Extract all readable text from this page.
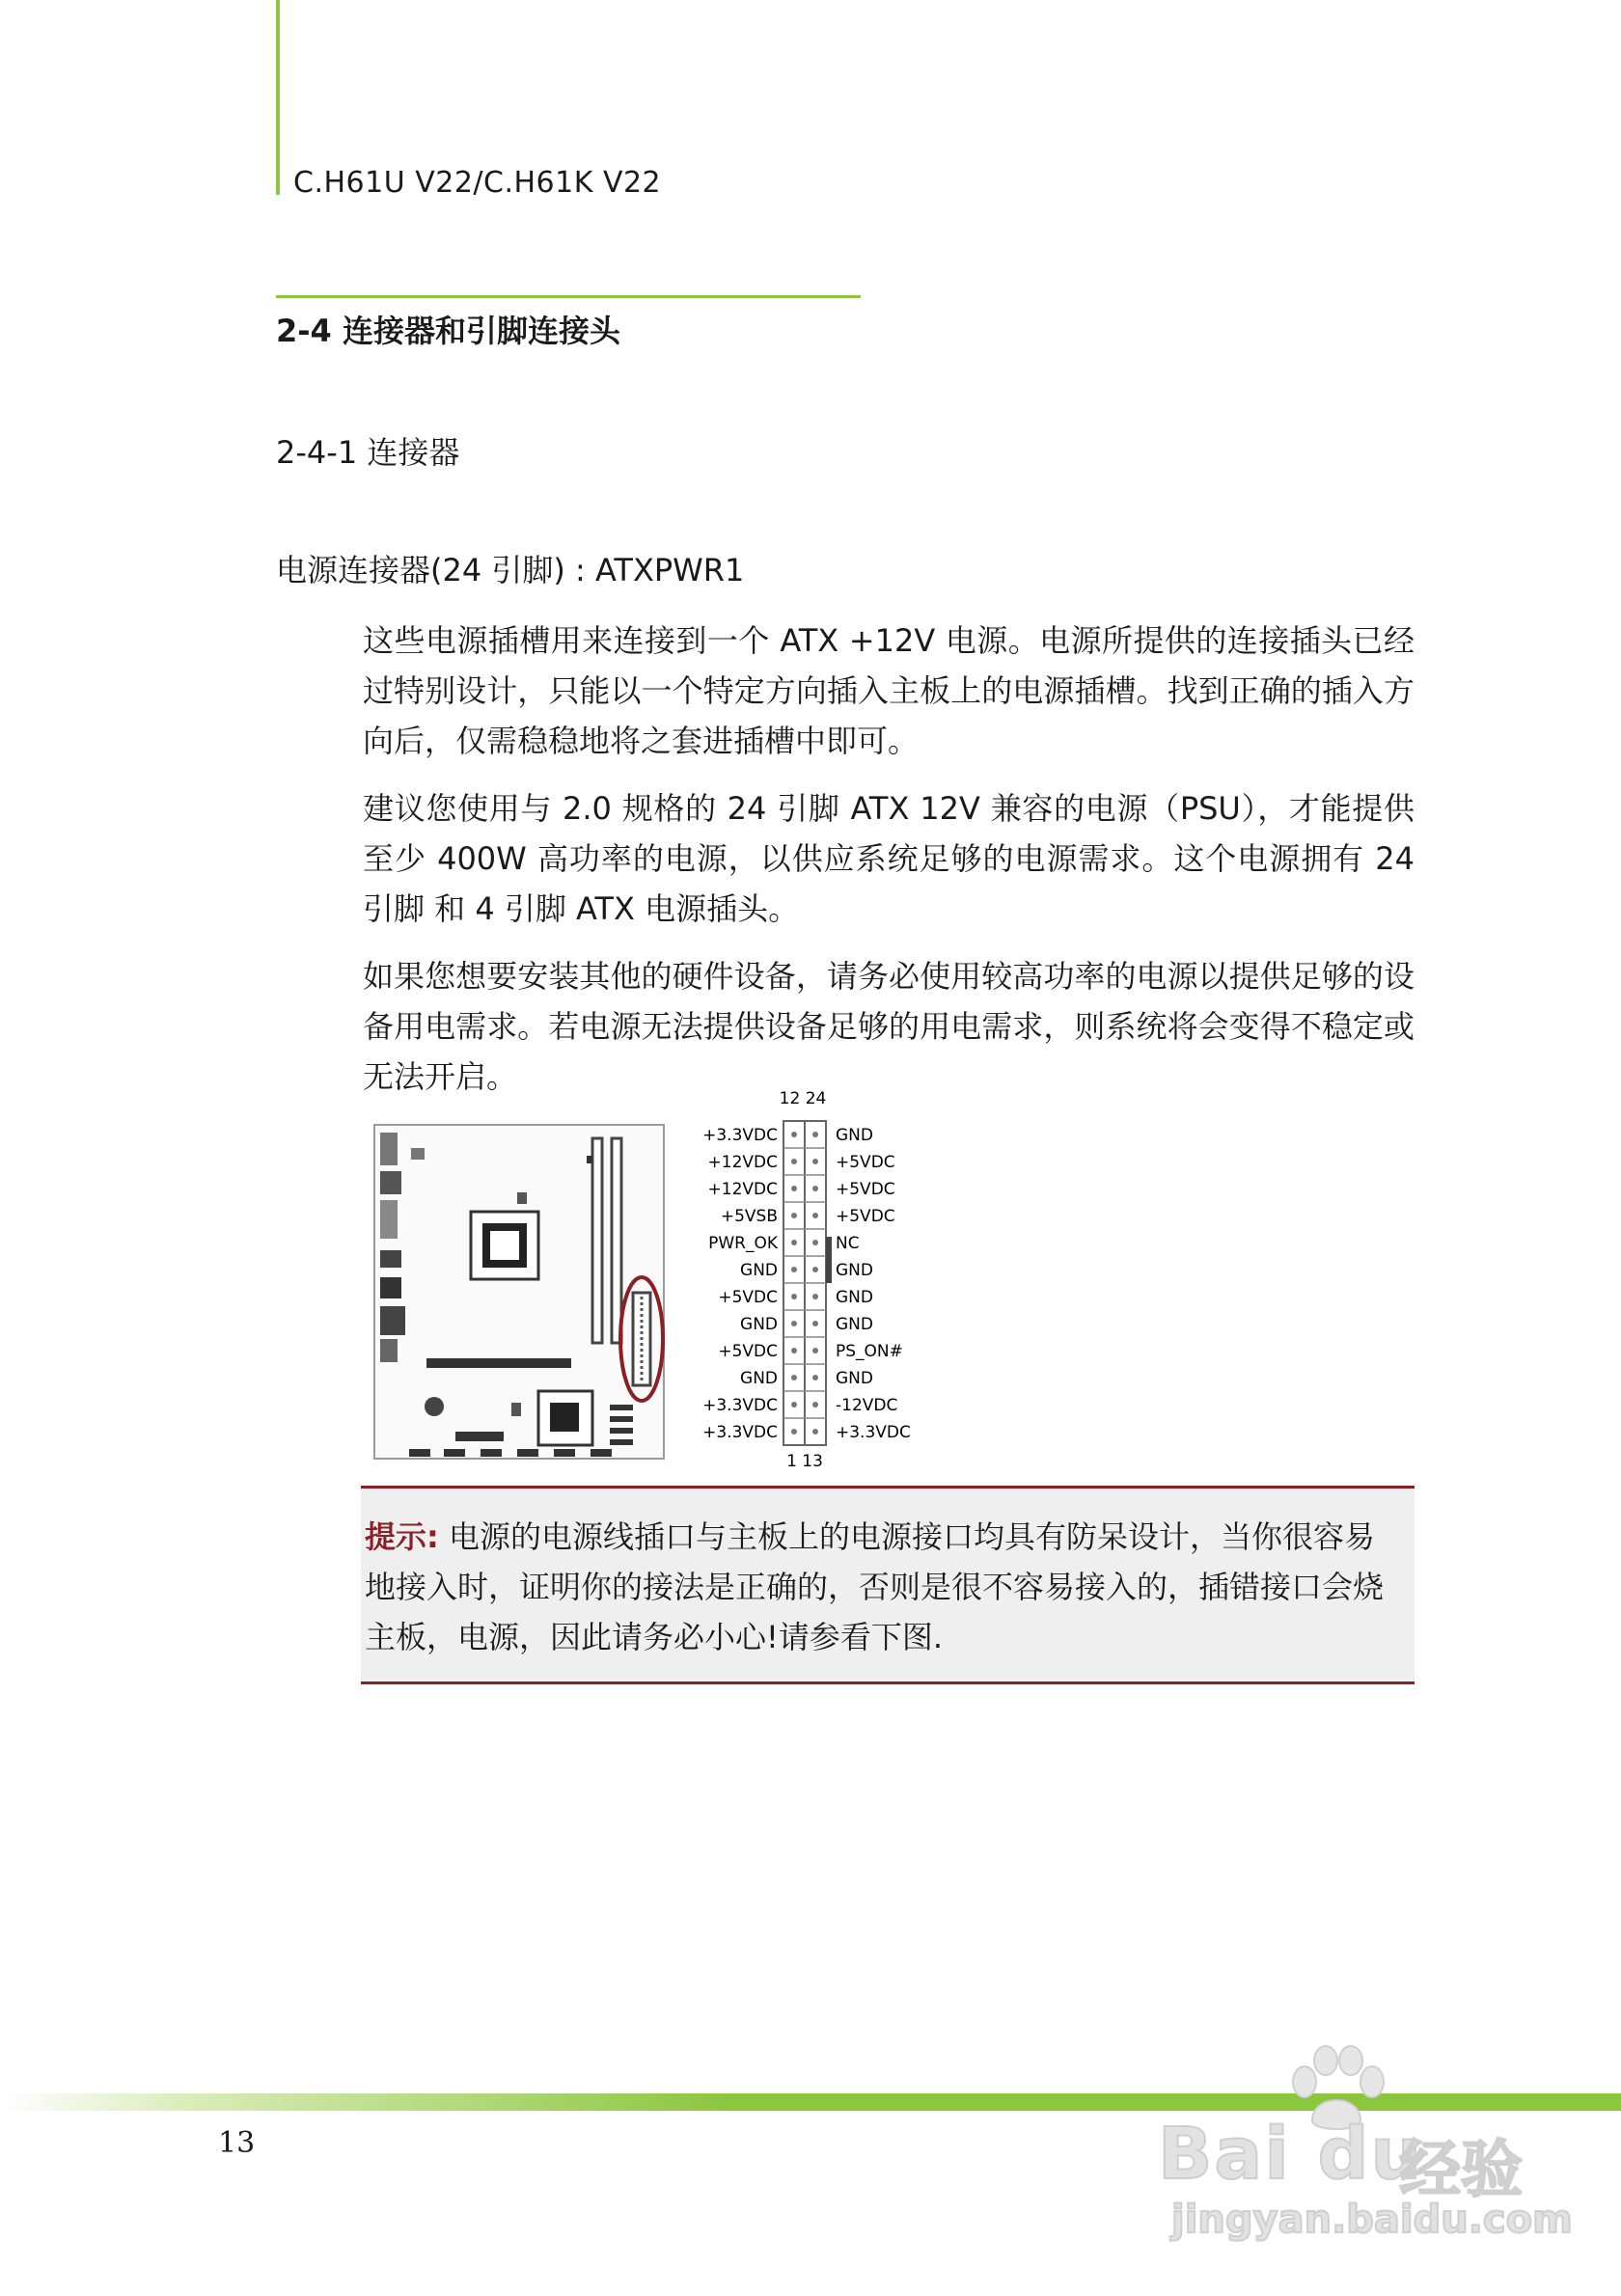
C.H61U V22/C.H61K V22
2-4 连接器和引脚连接头
2-4-1 连接器
电源连接器(24 引脚) : ATXPWR1

这些电源插槽用来连接到一个 ATX +12V 电源。电源所提供的连接插头已经过特别设计，只能以一个特定方向插入主板上的电源插槽。找到正确的插入方向后，仅需稳稳地将之套进插槽中即可。

建议您使用与 2.0 规格的 24 引脚 ATX 12V 兼容的电源（PSU），才能提供至少 400W 高功率的电源，以供应系统足够的电源需求。这个电源拥有 24 引脚 和 4 引脚 ATX 电源插头。

如果您想要安装其他的硬件设备，请务必使用较高功率的电源以提供足够的设备用电需求。若电源无法提供设备足够的用电需求，则系统将会变得不稳定或无法开启。

12 24
+3.3VDC
+12VDC
+12VDC
+5VSB
PWR_OK
GND
+5VDC
GND
+5VDC
GND
+3.3VDC
+3.3VDC
GND
+5VDC
+5VDC
+5VDC
NC
GND
GND
GND
PS_ON#
GND
-12VDC
+3.3VDC
1 13
提示: 电源的电源线插口与主板上的电源接口均具有防呆设计，当你很容易地接入时，证明你的接法是正确的，否则是很不容易接入的，插错接口会烧主板，电源，因此请务必小心!请参看下图.
13	Bai du
经验
jingyan.baidu.com
